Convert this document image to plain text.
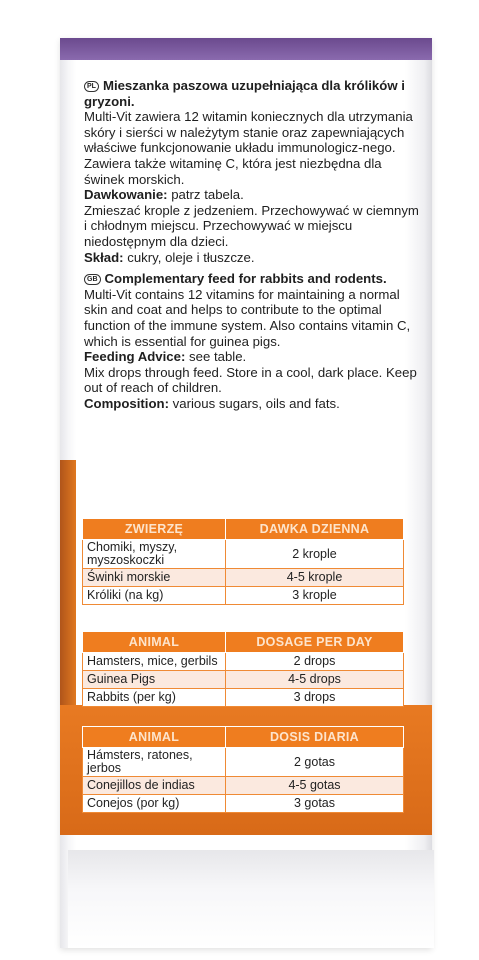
PL Mieszanka paszowa uzupełniająca dla królików i gryzoni.
Multi-Vit zawiera 12 witamin koniecznych dla utrzymania skóry i sierści w należytym stanie oraz zapewniających właściwe funkcjonowanie układu immunologicz-nego. Zawiera także witaminę C, która jest niezbędna dla świnek morskich.
Dawkowanie: patrz tabela.
Zmieszać krople z jedzeniem. Przechowywać w ciemnym i chłodnym miejscu. Przechowywać w miejscu niedostępnym dla dzieci.
Skład: cukry, oleje i tłuszcze.

GB Complementary feed for rabbits and rodents. Multi-Vit contains 12 vitamins for maintaining a normal skin and coat and helps to contribute to the optimal function of the immune system. Also contains vitamin C, which is essential for guinea pigs.
Feeding Advice: see table.
Mix drops through feed. Store in a cool, dark place. Keep out of reach of children.
Composition: various sugars, oils and fats.

ZWIERZĘ	DAWKA DZIENNA
Chomiki, myszy, myszoskoczki	2 krople
Świnki morskie	4-5 krople
Króliki (na kg)	3 krople
ANIMAL	DOSAGE PER DAY
Hamsters, mice, gerbils	2 drops
Guinea Pigs	4-5 drops
Rabbits (per kg)	3 drops
ANIMAL	DOSIS DIARIA
Hámsters, ratones, jerbos	2 gotas
Conejillos de indias	4-5 gotas
Conejos (por kg)	3 gotas
